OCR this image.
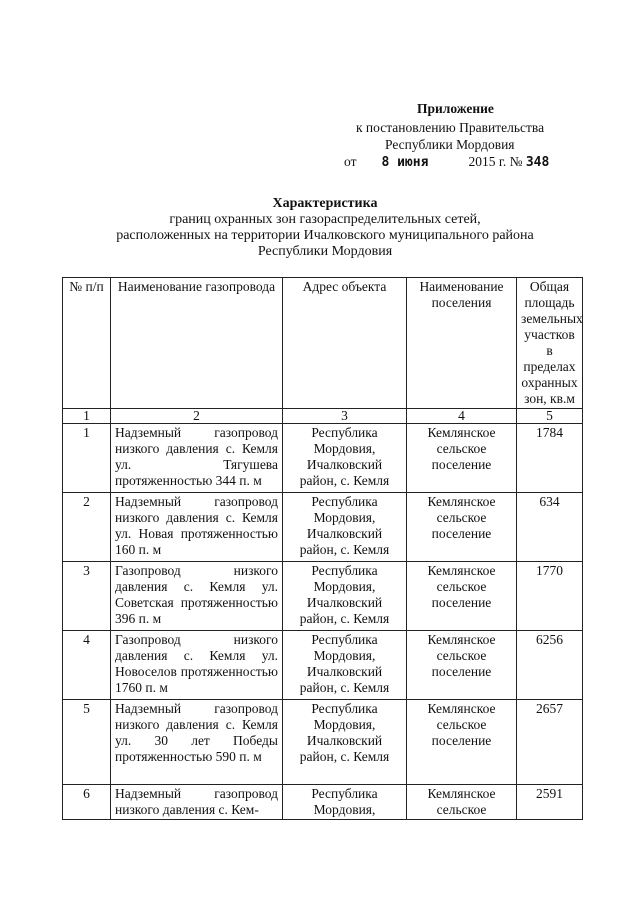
Приложение
к постановлению Правительства
Республики Мордовия
от 8 июня	2015 г. № 348
Характеристика
границ охранных зон газораспределительных сетей,
расположенных на территории Ичалковского муниципального района
Республики Мордовия
№ п/п	Наименование газопровода	Адрес объекта	Наименование поселения	Общая площадь земельных участков в пределах охранных зон, кв.м
1	2	3	4	5
1	Надземный газопровод низкого давления с. Кемля ул. Тягушева протяженностью 344 п. м	Республика Мордовия, Ичалковский район, с. Кемля	Кемлянское сельское поселение	1784
2	Надземный газопровод низкого давления с. Кемля ул. Новая протяженностью 160 п. м	Республика Мордовия, Ичалковский район, с. Кемля	Кемлянское сельское поселение	634
3	Газопровод низкого давления с. Кемля ул. Советская протяженностью 396 п. м	Республика Мордовия, Ичалковский район, с. Кемля	Кемлянское сельское поселение	1770
4	Газопровод низкого давления с. Кемля ул. Новоселов протяженностью 1760 п. м	Республика Мордовия, Ичалковский район, с. Кемля	Кемлянское сельское поселение	6256
5	Надземный газопровод низкого давления с. Кемля ул. 30 лет Победы протяженностью 590 п. м	Республика Мордовия, Ичалковский район, с. Кемля	Кемлянское сельское поселение	2657
6	Надземный газопровод низкого давления с. Кем-	Республика Мордовия,	Кемлянское сельское	2591
